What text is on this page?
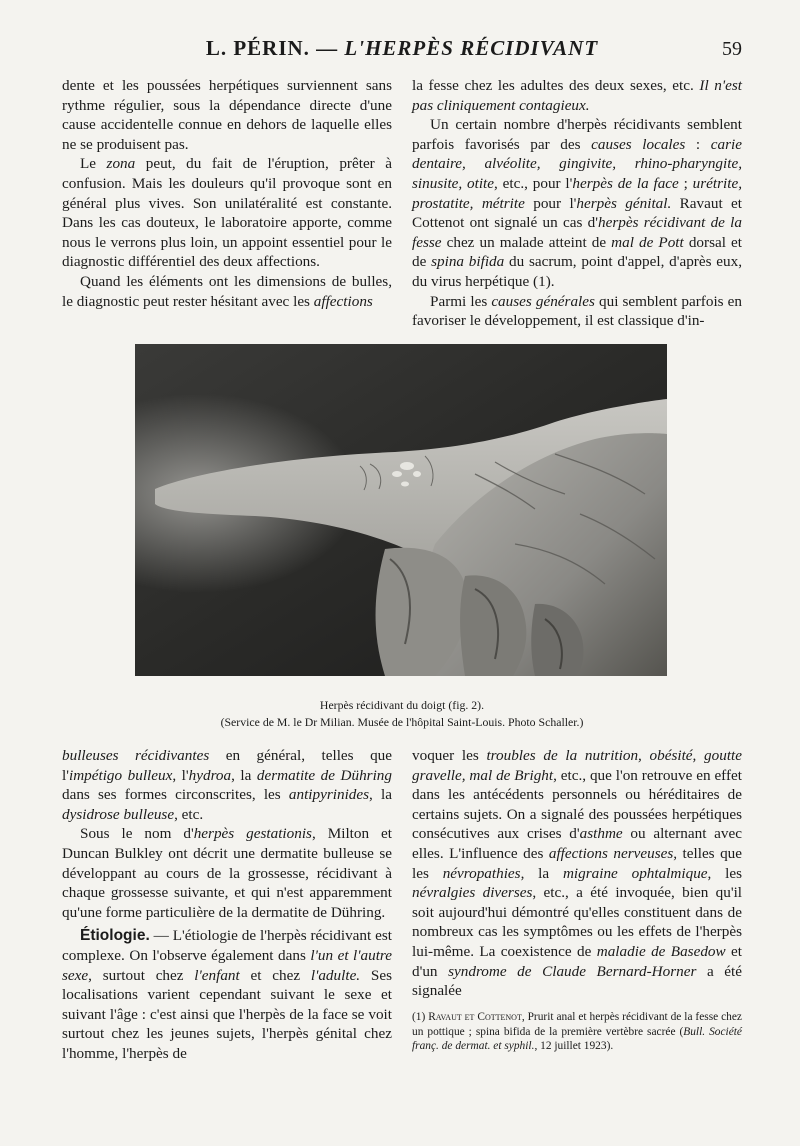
L. PÉRIN. — L'HERPÈS RÉCIDIVANT	59

dente et les poussées herpétiques surviennent sans rythme régulier, sous la dépendance directe d'une cause accidentelle connue en dehors de laquelle elles ne se produisent pas.

Le zona peut, du fait de l'éruption, prêter à confusion. Mais les douleurs qu'il provoque sont en général plus vives. Son unilatéralité est constante. Dans les cas douteux, le laboratoire apporte, comme nous le verrons plus loin, un appoint essentiel pour le diagnostic différentiel des deux affections.

Quand les éléments ont les dimensions de bulles, le diagnostic peut rester hésitant avec les affections

la fesse chez les adultes des deux sexes, etc. Il n'est pas cliniquement contagieux.

Un certain nombre d'herpès récidivants semblent parfois favorisés par des causes locales : carie dentaire, alvéolite, gingivite, rhino-pharyngite, sinusite, otite, etc., pour l'herpès de la face ; urétrite, prostatite, métrite pour l'herpès génital. Ravaut et Cottenot ont signalé un cas d'herpès récidivant de la fesse chez un malade atteint de mal de Pott dorsal et de spina bifida du sacrum, point d'appel, d'après eux, du virus herpétique (1).

Parmi les causes générales qui semblent parfois en favoriser le développement, il est classique d'in-

Herpès récidivant du doigt (fig. 2).
(Service de M. le Dr Milian. Musée de l'hôpital Saint-Louis. Photo Schaller.)

bulleuses récidivantes en général, telles que l'impétigo bulleux, l'hydroa, la dermatite de Dühring dans ses formes circonscrites, les antipyrinides, la dysidrose bulleuse, etc.

Sous le nom d'herpès gestationis, Milton et Duncan Bulkley ont décrit une dermatite bulleuse se développant au cours de la grossesse, récidivant à chaque grossesse suivante, et qui n'est apparemment qu'une forme particulière de la dermatite de Dühring.

Étiologie. — L'étiologie de l'herpès récidivant est complexe. On l'observe également dans l'un et l'autre sexe, surtout chez l'enfant et chez l'adulte. Ses localisations varient cependant suivant le sexe et suivant l'âge : c'est ainsi que l'herpès de la face se voit surtout chez les jeunes sujets, l'herpès génital chez l'homme, l'herpès de

voquer les troubles de la nutrition, obésité, goutte gravelle, mal de Bright, etc., que l'on retrouve en effet dans les antécédents personnels ou héréditaires de certains sujets. On a signalé des poussées herpétiques consécutives aux crises d'asthme ou alternant avec elles. L'influence des affections nerveuses, telles que les névropathies, la migraine ophtalmique, les névralgies diverses, etc., a été invoquée, bien qu'il soit aujourd'hui démontré qu'elles constituent dans de nombreux cas les symptômes ou les effets de l'herpès lui-même. La coexistence de maladie de Basedow et d'un syndrome de Claude Bernard-Horner a été signalée

(1) Ravaut et Cottenot, Prurit anal et herpès récidivant de la fesse chez un pottique ; spina bifida de la première vertèbre sacrée (Bull. Société franç. de dermat. et syphil., 12 juillet 1923).
